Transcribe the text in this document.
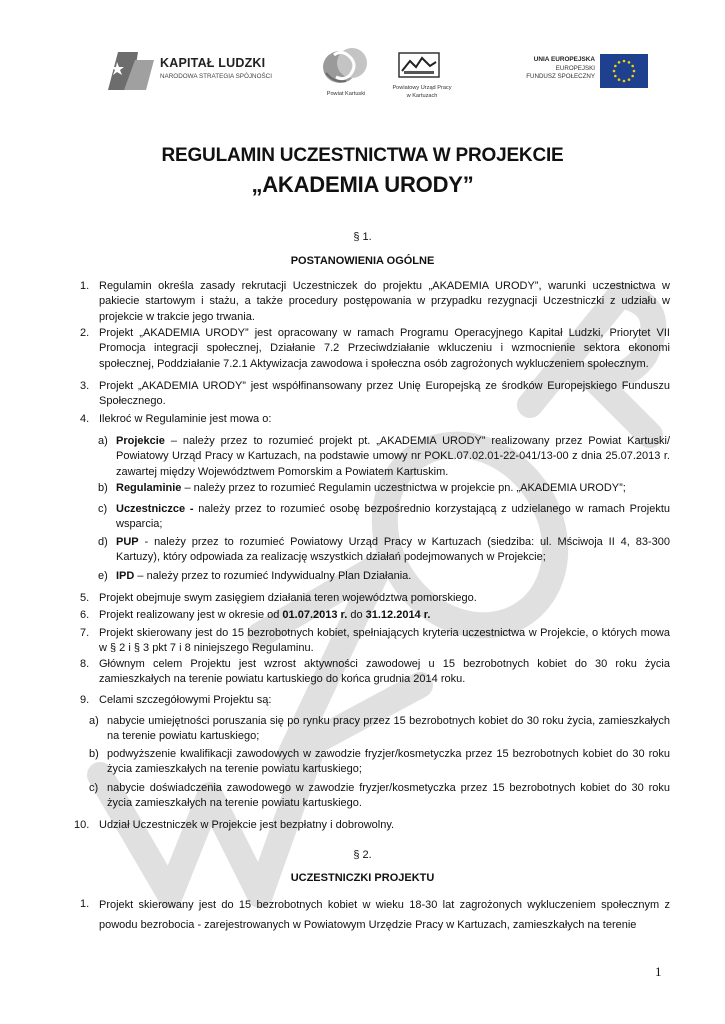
KAPITAŁ LUDZKI
NARODOWA STRATEGIA SPÓJNOŚCI
Powiat Kartuski
Powiatowy Urząd Pracy
w Kartuzach
UNIA EUROPEJSKA
EUROPEJSKI
FUNDUSZ SPOŁECZNY
REGULAMIN UCZESTNICTWA W PROJEKCIE
„AKADEMIA URODY”
§ 1.
POSTANOWIENIA OGÓLNE
1. Regulamin określa zasady rekrutacji Uczestniczek do projektu „AKADEMIA URODY”, warunki uczestnictwa w pakiecie startowym i stażu, a także procedury postępowania w przypadku rezygnacji Uczestniczki z udziału w projekcie w trakcie jego trwania.
2. Projekt „AKADEMIA URODY” jest opracowany w ramach Programu Operacyjnego Kapitał Ludzki, Priorytet VII Promocja integracji społecznej, Działanie 7.2 Przeciwdziałanie wkluczeniu i wzmocnienie sektora ekonomi społecznej, Poddziałanie 7.2.1 Aktywizacja zawodowa i społeczna osób zagrożonych wykluczeniem społecznym.
3. Projekt „AKADEMIA URODY” jest współfinansowany przez Unię Europejską ze środków Europejskiego Funduszu Społecznego.
4. Ilekroć w Regulaminie jest mowa o:
a) Projekcie – należy przez to rozumieć projekt pt. „AKADEMIA URODY” realizowany przez Powiat Kartuski/ Powiatowy Urząd Pracy w Kartuzach, na podstawie umowy nr POKL.07.02.01-22-041/13-00 z dnia 25.07.2013 r. zawartej między Województwem Pomorskim a Powiatem Kartuskim.
b) Regulaminie – należy przez to rozumieć Regulamin uczestnictwa w projekcie pn. „AKADEMIA URODY”;
c) Uczestniczce - należy przez to rozumieć osobę bezpośrednio korzystającą z udzielanego w ramach Projektu wsparcia;
d) PUP - należy przez to rozumieć Powiatowy Urząd Pracy w Kartuzach (siedziba: ul. Mściwoja II 4, 83-300 Kartuzy), który odpowiada za realizację wszystkich działań podejmowanych w Projekcie;
e) IPD – należy przez to rozumieć Indywidualny Plan Działania.
5. Projekt obejmuje swym zasięgiem działania teren województwa pomorskiego.
6. Projekt realizowany jest w okresie od 01.07.2013 r. do 31.12.2014 r.
7. Projekt skierowany jest do 15 bezrobotnych kobiet, spełniających kryteria uczestnictwa w Projekcie, o których mowa w § 2 i § 3 pkt 7 i 8 niniejszego Regulaminu.
8. Głównym celem Projektu jest wzrost aktywności zawodowej u 15 bezrobotnych kobiet do 30 roku życia zamieszkałych na terenie powiatu kartuskiego do końca grudnia 2014 roku.
9. Celami szczegółowymi Projektu są:
a) nabycie umiejętności poruszania się po rynku pracy przez 15 bezrobotnych kobiet do 30 roku życia, zamieszkałych na terenie powiatu kartuskiego;
b) podwyższenie kwalifikacji zawodowych w zawodzie fryzjer/kosmetyczka przez 15 bezrobotnych kobiet do 30 roku życia zamieszkałych na terenie powiatu kartuskiego;
c) nabycie doświadczenia zawodowego w zawodzie fryzjer/kosmetyczka przez 15 bezrobotnych kobiet do 30 roku życia zamieszkałych na terenie powiatu kartuskiego.
10. Udział Uczestniczek w Projekcie jest bezpłatny i dobrowolny.
§ 2.
UCZESTNICZKI PROJEKTU
1. Projekt skierowany jest do 15 bezrobotnych kobiet w wieku 18-30 lat zagrożonych wykluczeniem społecznym z powodu bezrobocia - zarejestrowanych w Powiatowym Urzędzie Pracy w Kartuzach, zamieszkałych na terenie
1
